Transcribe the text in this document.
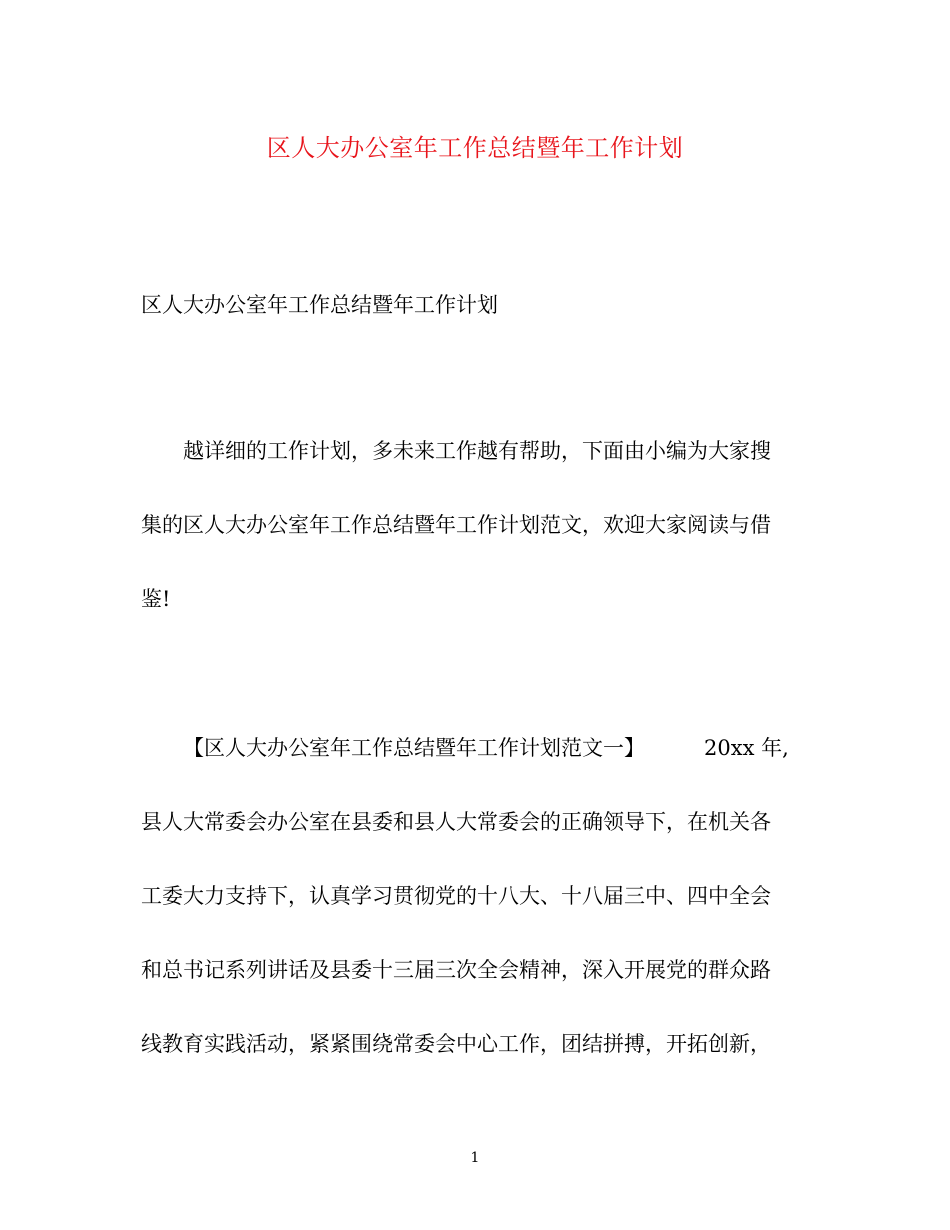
区人大办公室年工作总结暨年工作计划
区人大办公室年工作总结暨年工作计划
越详细的工作计划，多未来工作越有帮助，下面由小编为大家搜
集的区人大办公室年工作总结暨年工作计划范文，欢迎大家阅读与借
鉴!
【区人大办公室年工作总结暨年工作计划范文一】	20xx 年,
县人大常委会办公室在县委和县人大常委会的正确领导下，在机关各
工委大力支持下，认真学习贯彻党的十八大、十八届三中、四中全会
和总书记系列讲话及县委十三届三次全会精神，深入开展党的群众路
线教育实践活动，紧紧围绕常委会中心工作，团结拼搏，开拓创新，
1
